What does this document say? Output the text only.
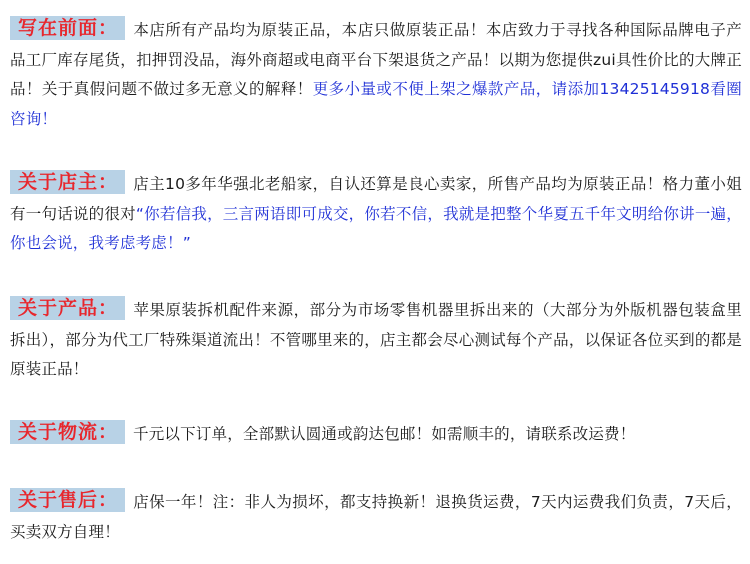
写在前面： 本店所有产品均为原装正品，本店只做原装正品！本店致力于寻找各种国际品牌电子产品工厂库存尾货，扣押罚没品，海外商超或电商平台下架退货之产品！以期为您提供zui具性价比的大牌正品！关于真假问题不做过多无意义的解释！更多小量或不便上架之爆款产品，请添加13425145918看圈咨询！

关于店主： 店主10多年华强北老船家，自认还算是良心卖家，所售产品均为原装正品！格力董小姐有一句话说的很对“你若信我，三言两语即可成交，你若不信，我就是把整个华夏五千年文明给你讲一遍，你也会说，我考虑考虑！”

关于产品： 苹果原装拆机配件来源，部分为市场零售机器里拆出来的（大部分为外版机器包装盒里拆出），部分为代工厂特殊渠道流出！不管哪里来的，店主都会尽心测试每个产品，以保证各位买到的都是原装正品！

关于物流： 千元以下订单，全部默认圆通或韵达包邮！如需顺丰的，请联系改运费！

关于售后： 店保一年！注：非人为损坏，都支持换新！退换货运费，7天内运费我们负责，7天后，买卖双方自理！
